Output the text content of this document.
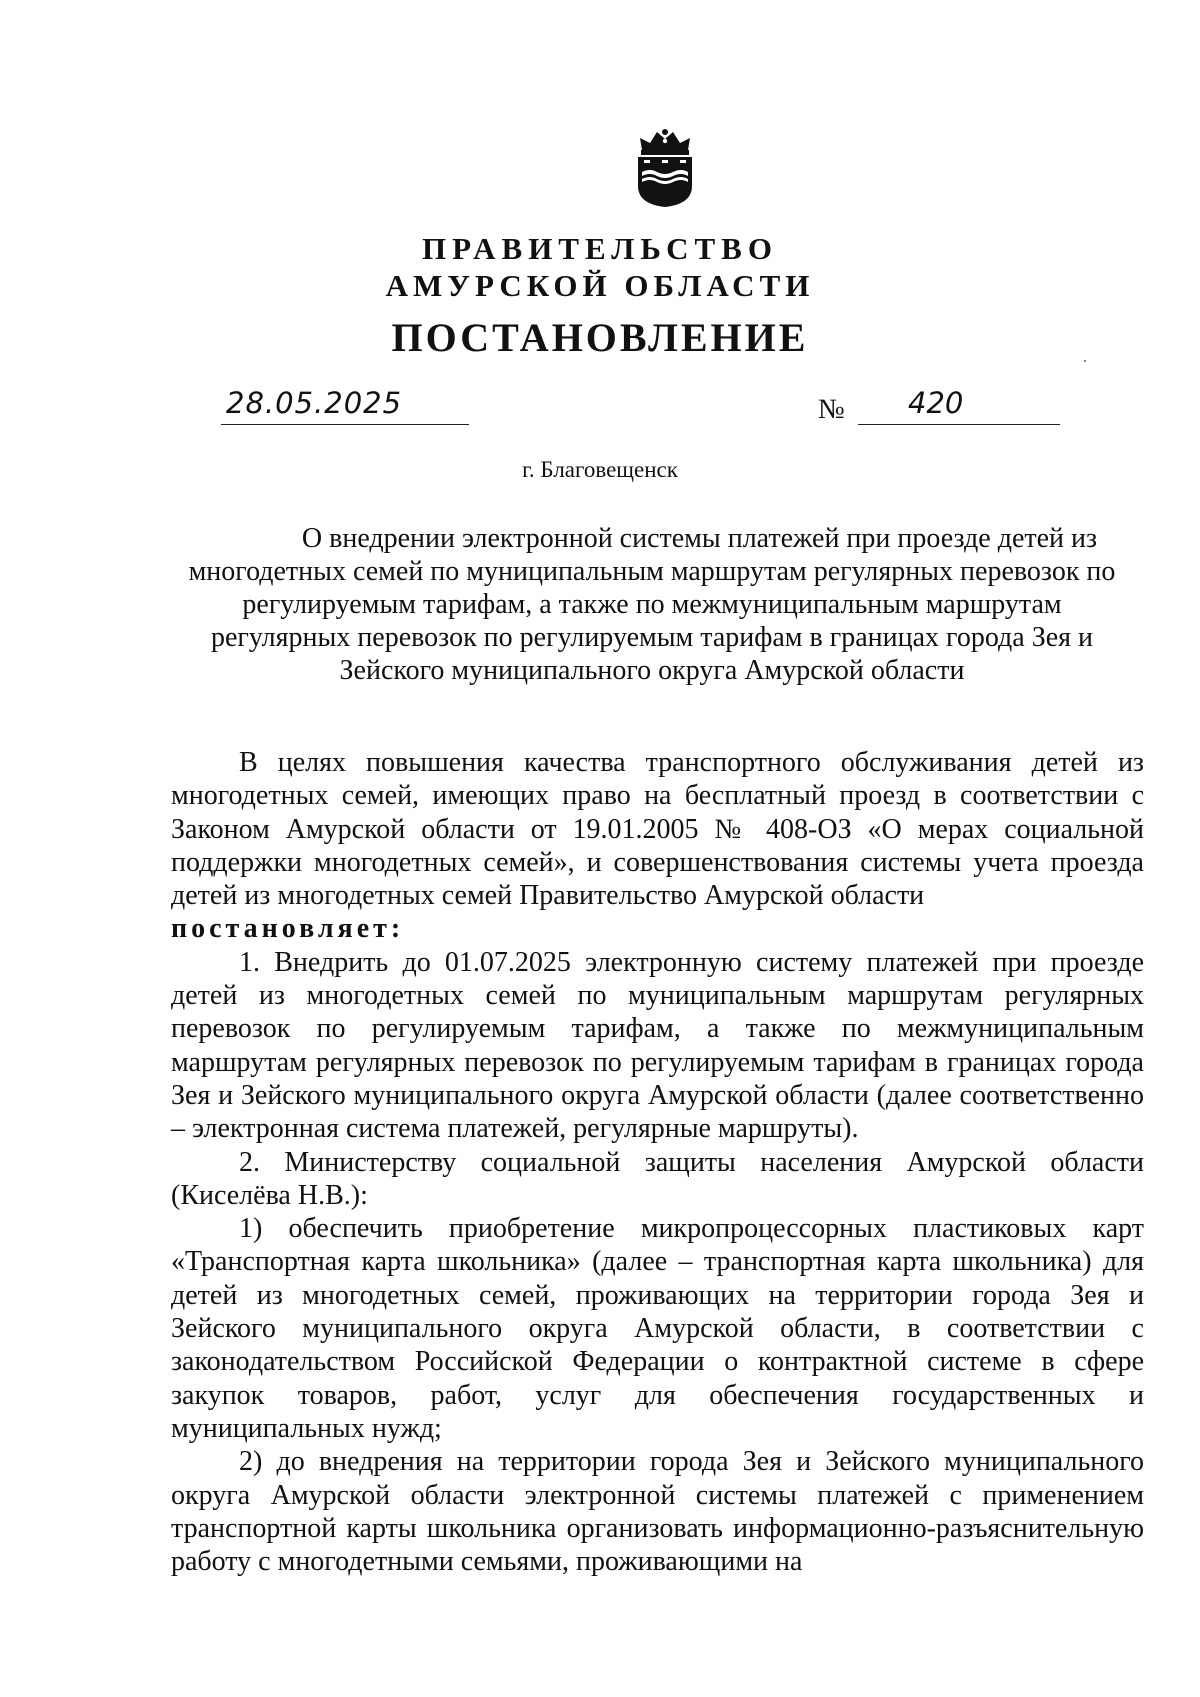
ПРАВИТЕЛЬСТВО
АМУРСКОЙ ОБЛАСТИ
ПОСТАНОВЛЕНИЕ
28.05.2025	№ 420
г. Благовещенск
О внедрении электронной системы платежей при проезде детей из
многодетных семей по муниципальным маршрутам регулярных перевозок по
регулируемым тарифам, а также по межмуниципальным маршрутам
регулярных перевозок по регулируемым тарифам в границах города Зея и
Зейского муниципального округа Амурской области

В целях повышения качества транспортного обслуживания детей из многодетных семей, имеющих право на бесплатный проезд в соответствии с Законом Амурской области от 19.01.2005 № 408-ОЗ «О мерах социальной поддержки многодетных семей», и совершенствования системы учета проезда детей из многодетных семей Правительство Амурской области

постановляет:

1. Внедрить до 01.07.2025 электронную систему платежей при проезде детей из многодетных семей по муниципальным маршрутам регулярных перевозок по регулируемым тарифам, а также по межмуниципальным маршрутам регулярных перевозок по регулируемым тарифам в границах города Зея и Зейского муниципального округа Амурской области (далее соответственно – электронная система платежей, регулярные маршруты).

2. Министерству социальной защиты населения Амурской области (Киселёва Н.В.):

1) обеспечить приобретение микропроцессорных пластиковых карт «Транспортная карта школьника» (далее – транспортная карта школьника) для детей из многодетных семей, проживающих на территории города Зея и Зейского муниципального округа Амурской области, в соответствии с законодательством Российской Федерации о контрактной системе в сфере закупок товаров, работ, услуг для обеспечения государственных и муниципальных нужд;

2) до внедрения на территории города Зея и Зейского муниципального округа Амурской области электронной системы платежей с применением транспортной карты школьника организовать информационно-разъяснительную работу с многодетными семьями, проживающими на
